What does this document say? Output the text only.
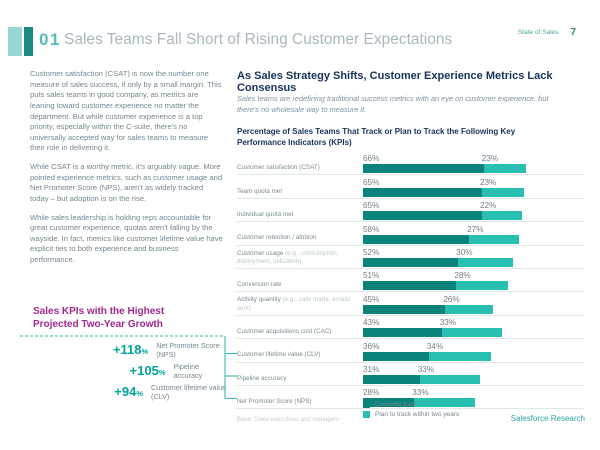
01 Sales Teams Fall Short of Rising Customer Expectations	State of Sales 7

Customer satisfaction (CSAT) is now the number one measure of sales success, if only by a small margin. This puts sales teams in good company, as metrics are leaning toward customer experience no matter the department. But while customer experience is a top priority, especially within the C-suite, there's no universally accepted way for sales teams to measure their role in delivering it.

While CSAT is a worthy metric, it's arguably vague. More pointed experience metrics, such as customer usage and Net Promoter Score (NPS), aren't as widely tracked today – but adoption is on the rise.

While sales leadership is holding reps accountable for great customer experience, quotas aren't falling by the wayside. In fact, metrics like customer lifetime value have explicit ties to both experience and business performance.

Sales KPIs with the Highest Projected Two-Year Growth
+118%
Net Promoter Score (NPS)
+105%
Pipeline accuracy
+94%
Customer lifetime value (CLV)
As Sales Strategy Shifts, Customer Experience Metrics Lack Consensus
Sales teams are redefining traditional success metrics with an eye on customer experience, but there's no wholesale way to measure it.
Percentage of Sales Teams That Track or Plan to Track the Following Key Performance Indicators (KPIs)
Customer satisfaction (CSAT)
66%	23%
Team quota met
65%	23%
Individual quota met
65%	22%
Customer retention / attrition
58%	27%
Customer usage (e.g., consumption, deployment, utilization)
52%	30%
Conversion rate
51%	28%
Activity quantity (e.g., calls made, emails sent)
45%	26%
Customer acquisitions cost (CAC)
43%	33%
Customer lifetime value (CLV)
36%	34%
Pipeline accuracy
31%	33%
Net Promoter Score (NPS)
28%	33%
Currently track
Plan to track within two years
Base: Sales executives and managers	Salesforce Research
